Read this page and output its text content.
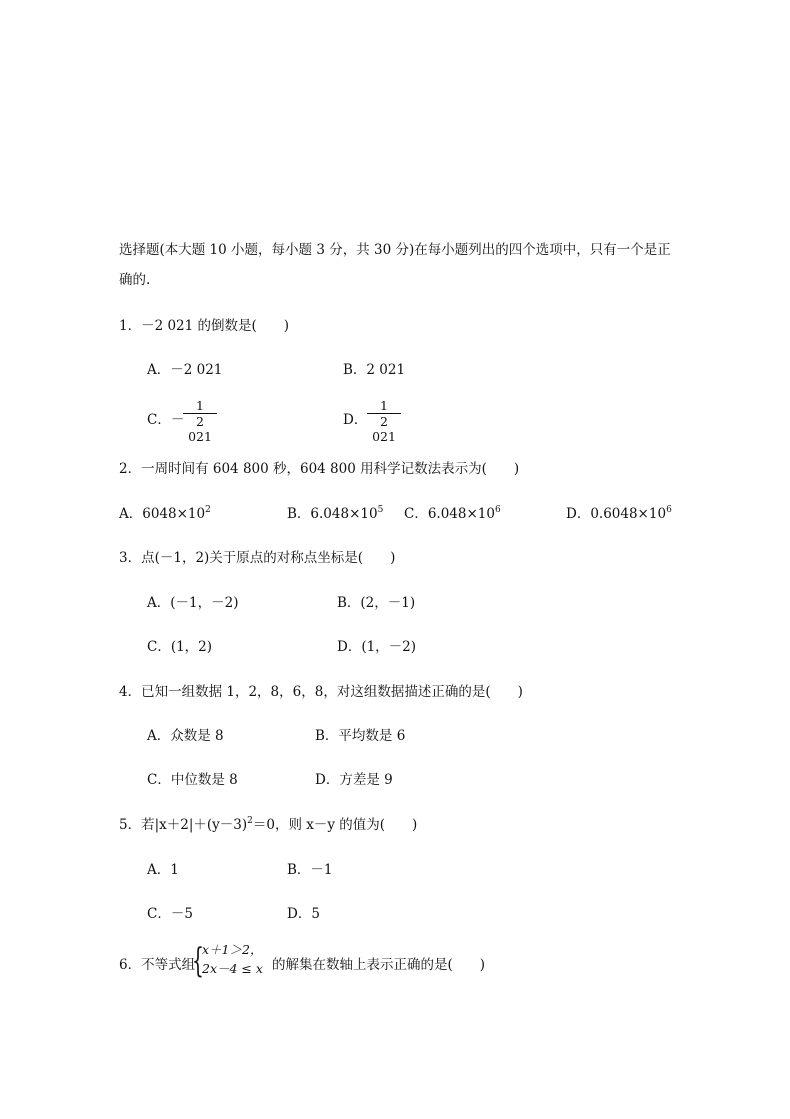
选择题(本大题 10 小题，每小题 3 分，共 30 分)在每小题列出的四个选项中，只有一个是正
确的.
1．－2 021 的倒数是(　　)
A．－2 021	B．2 021
C．－
1
2 021
D．
1
2 021
2．一周时间有 604 800 秒，604 800 用科学记数法表示为(　　)
A．$6048\times 10^2$	B．$6.048\times 10^5$ C．$6.048\times 10^6$	D．$0.6048\times 10^6$
3．点(－1，2)关于原点的对称点坐标是(　　)
A．(－1，－2)	B．(2，－1)
C．(1，2)	D．(1，－2)
4．已知一组数据 1，2，8，6，8，对这组数据描述正确的是(　　)
A．众数是 8	B．平均数是 6
C．中位数是 8	D．方差是 9
5．若$|x+2|+(y-3)^2=0$，则 x－y 的值为(　　)
A．1	B．－1
C．－5	D．5
6．不等式组
{
x＋1＞2，
2x－4 ≤ x 的解集在数轴上表示正确的是(　　)
